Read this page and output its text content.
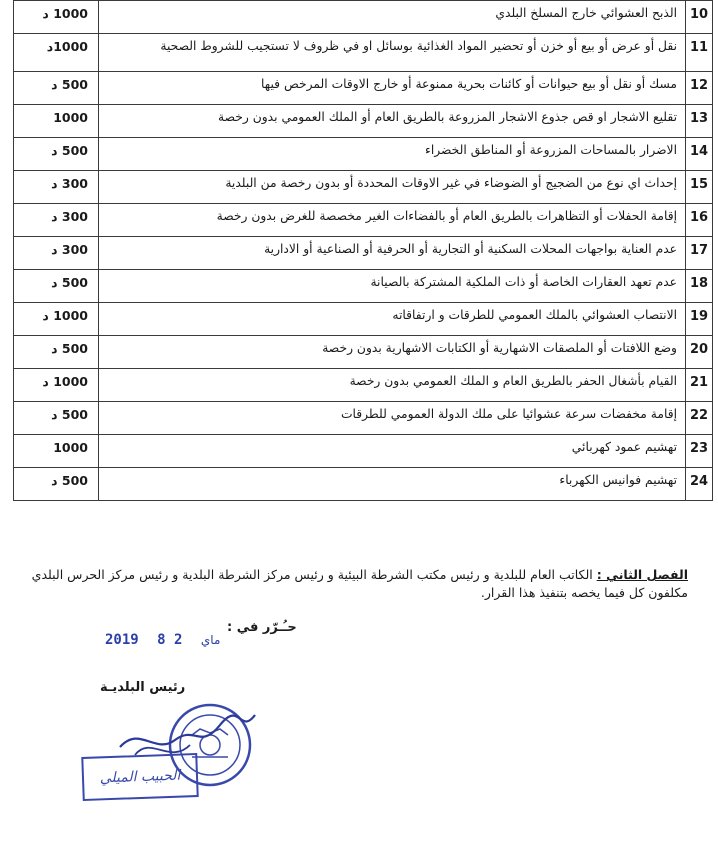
10	الذبح العشوائي خارج المسلخ البلدي	1000 د
11	نقل أو عرض أو بيع أو خزن أو تحضير المواد الغذائية بوسائل او في ظروف لا تستجيب للشروط الصحية	1000د
12	مسك أو نقل أو بيع حيوانات أو كائنات بحرية ممنوعة أو خارج الاوقات المرخص فيها	500 د
13	تقليع الاشجار او قص جذوع الاشجار المزروعة بالطريق العام أو الملك العمومي بدون رخصة	1000
14	الاضرار بالمساحات المزروعة أو المناطق الخضراء	500 د
15	إحداث اي نوع من الضجيج أو الضوضاء في غير الاوقات المحددة أو بدون رخصة من البلدية	300 د
16	إقامة الحفلات أو التظاهرات بالطريق العام أو بالفضاءات الغير مخصصة للغرض بدون رخصة	300 د
17	عدم العناية بواجهات المحلات السكنية أو التجارية أو الحرفية أو الصناعية أو الادارية	300 د
18	عدم تعهد العقارات الخاصة أو ذات الملكية المشتركة بالصيانة	500 د
19	الانتصاب العشوائي بالملك العمومي للطرقات و ارتفاقاته	1000 د
20	وضع اللافتات أو الملصقات الاشهارية أو الكتابات الاشهارية بدون رخصة	500 د
21	القيام بأشغال الحفر بالطريق العام و الملك العمومي بدون رخصة	1000 د
22	إقامة مخفضات سرعة عشوائيا على ملك الدولة العمومي للطرقات	500 د
23	تهشيم عمود كهربائي	1000
24	تهشيم فوانيس الكهرباء	500 د
الفصل الثاني : الكاتب العام للبلدية و رئيس مكتب الشرطة البيئية و رئيس مركز الشرطة البلدية و رئيس مركز الحرس البلدي مكلفون كل فيما يخصه بتنفيذ هذا القرار.
حـُـرّر في :
2019	ماي 2 8
رئيس البلديـة
الحبيب الميلي
